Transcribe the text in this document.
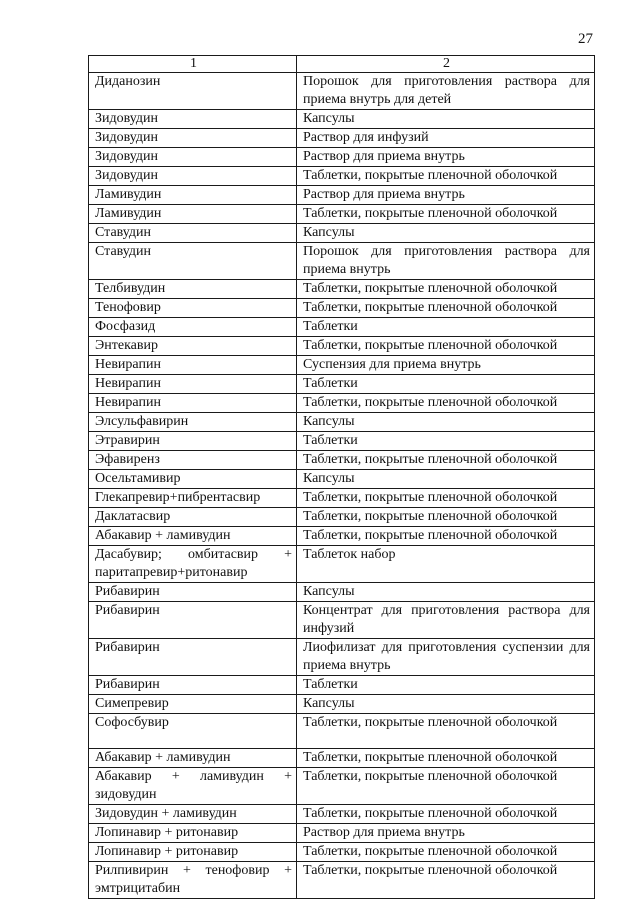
27
1	2
Диданозин	Порошок для приготовления раствора для приема внутрь для детей
Зидовудин	Капсулы
Зидовудин	Раствор для инфузий
Зидовудин	Раствор для приема внутрь
Зидовудин	Таблетки, покрытые пленочной оболочкой
Ламивудин	Раствор для приема внутрь
Ламивудин	Таблетки, покрытые пленочной оболочкой
Ставудин	Капсулы
Ставудин	Порошок для приготовления раствора для приема внутрь
Телбивудин	Таблетки, покрытые пленочной оболочкой
Тенофовир	Таблетки, покрытые пленочной оболочкой
Фосфазид	Таблетки
Энтекавир	Таблетки, покрытые пленочной оболочкой
Невирапин	Суспензия для приема внутрь
Невирапин	Таблетки
Невирапин	Таблетки, покрытые пленочной оболочкой
Элсульфавирин	Капсулы
Этравирин	Таблетки
Эфавиренз	Таблетки, покрытые пленочной оболочкой
Осельтамивир	Капсулы
Глекапревир+пибрентасвир	Таблетки, покрытые пленочной оболочкой
Даклатасвир	Таблетки, покрытые пленочной оболочкой
Абакавир + ламивудин	Таблетки, покрытые пленочной оболочкой
Дасабувир; омбитасвир + паритапревир+ритонавир	Таблеток набор
Рибавирин	Капсулы
Рибавирин	Концентрат для приготовления раствора для инфузий
Рибавирин	Лиофилизат для приготовления суспензии для приема внутрь
Рибавирин	Таблетки
Симепревир	Капсулы
Софосбувир	Таблетки, покрытые пленочной оболочкой
Абакавир + ламивудин	Таблетки, покрытые пленочной оболочкой
Абакавир + ламивудин + зидовудин	Таблетки, покрытые пленочной оболочкой
Зидовудин + ламивудин	Таблетки, покрытые пленочной оболочкой
Лопинавир + ритонавир	Раствор для приема внутрь
Лопинавир + ритонавир	Таблетки, покрытые пленочной оболочкой
Рилпивирин + тенофовир + эмтрицитабин	Таблетки, покрытые пленочной оболочкой
